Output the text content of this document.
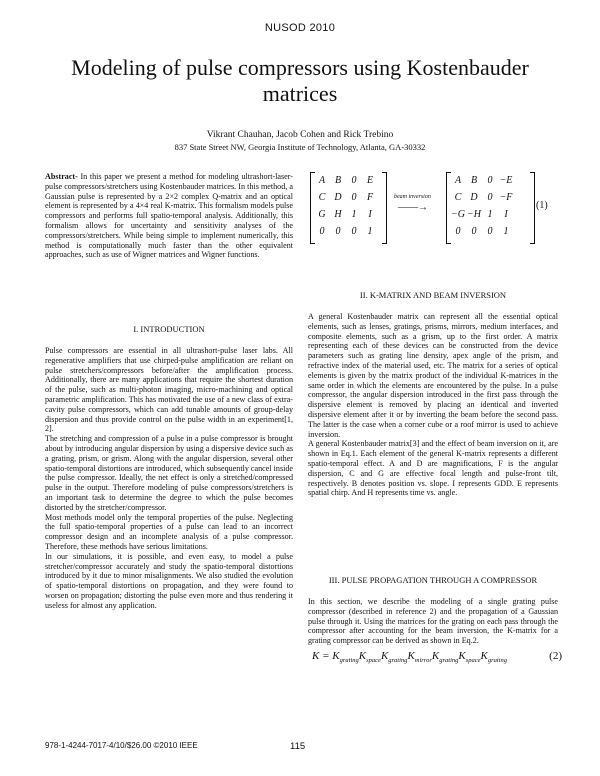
NUSOD 2010
Modeling of pulse compressors using Kostenbauder matrices
Vikrant Chauhan, Jacob Cohen and Rick Trebino
837 State Street NW, Georgia Institute of Technology, Atlanta, GA-30332

Abstract- In this paper we present a method for modeling ultrashort-laser-pulse compressors/stretchers using Kostenbauder matrices. In this method, a Gaussian pulse is represented by a 2×2 complex Q-matrix and an optical element is represented by a 4×4 real K-matrix. This formalism models pulse compressors and performs full spatio-temporal analysis. Additionally, this formalism allows for uncertainty and sensitivity analyses of the compressors/stretchers. While being simple to implement numerically, this method is computationally much faster than the other equivalent approaches, such as use of Wigner matrices and Wigner functions.

I. INTRODUCTION

Pulse compressors are essential in all ultrashort-pulse laser labs. All regenerative amplifiers that use chirped-pulse amplification are reliant on pulse stretchers/compressors before/after the amplification process. Additionally, there are many applications that require the shortest duration of the pulse, such as multi-photon imaging, micro-machining and optical parametric amplification. This has motivated the use of a new class of extra-cavity pulse compressors, which can add tunable amounts of group-delay dispersion and thus provide control on the pulse width in an experiment[1, 2].

The stretching and compression of a pulse in a pulse compressor is brought about by introducing angular dispersion by using a dispersive device such as a grating, prism, or grism. Along with the angular dispersion, several other spatio-temporal distortions are introduced, which subsequently cancel inside the pulse compressor. Ideally, the net effect is only a stretched/compressed pulse in the output. Therefore modeling of pulse compressors/stretchers is an important task to determine the degree to which the pulse becomes distorted by the stretcher/compressor.

Most methods model only the temporal properties of the pulse. Neglecting the full spatio-temporal properties of a pulse can lead to an incorrect compressor design and an incomplete analysis of a pulse compressor. Therefore, these methods have serious limitations.

In our simulations, it is possible, and even easy, to model a pulse stretcher/compressor accurately and study the spatio-temporal distortions introduced by it due to minor misalignments. We also studied the evolution of spatio-temporal distortions on propagation, and they were found to worsen on propagation; distorting the pulse even more and thus rendering it useless for almost any application.

A	B	0	E
C	D	0	F
G	H	1	I
0	0	0	1
beam inversion
——→
A	B	0	−E
C	D	0	−F
−G	−H	1	I
0	0	0	1
(1)
II. K-MATRIX AND BEAM INVERSION

A general Kostenbauder matrix can represent all the essential optical elements, such as lenses, gratings, prisms, mirrors, medium interfaces, and composite elements, such as a grism, up to the first order. A matrix representing each of these devices can be constructed from the device parameters such as grating line density, apex angle of the prism, and refractive index of the material used, etc. The matrix for a series of optical elements is given by the matrix product of the individual K-matrices in the same order in which the elements are encountered by the pulse. In a pulse compressor, the angular dispersion introduced in the first pass through the dispersive element is removed by placing an identical and inverted dispersive element after it or by inverting the beam before the second pass. The latter is the case when a corner cube or a roof mirror is used to achieve inversion.

A general Kostenbauder matrix[3] and the effect of beam inversion on it, are shown in Eq.1. Each element of the general K-matrix represents a different spatio-temporal effect. A and D are magnifications, F is the angular dispersion, C and G are effective focal length and pulse-front tilt, respectively. B denotes position vs. slope. I represents GDD. E represents spatial chirp. And H represents time vs. angle.

III. PULSE PROPAGATION THROUGH A COMPRESSOR

In this section, we describe the modeling of a single grating pulse compressor (described in reference 2) and the propagation of a Gaussian pulse through it. Using the matrices for the grating on each pass through the compressor after accounting for the beam inversion, the K-matrix for a grating compressor can be derived as shown in Eq.2.

$K = K_{grating}K_{space}K_{grating}K_{mirror}K_{grating}K_{space}K_{grating}$	(2)
978-1-4244-7017-4/10/$26.00 ©2010 IEEE	115
